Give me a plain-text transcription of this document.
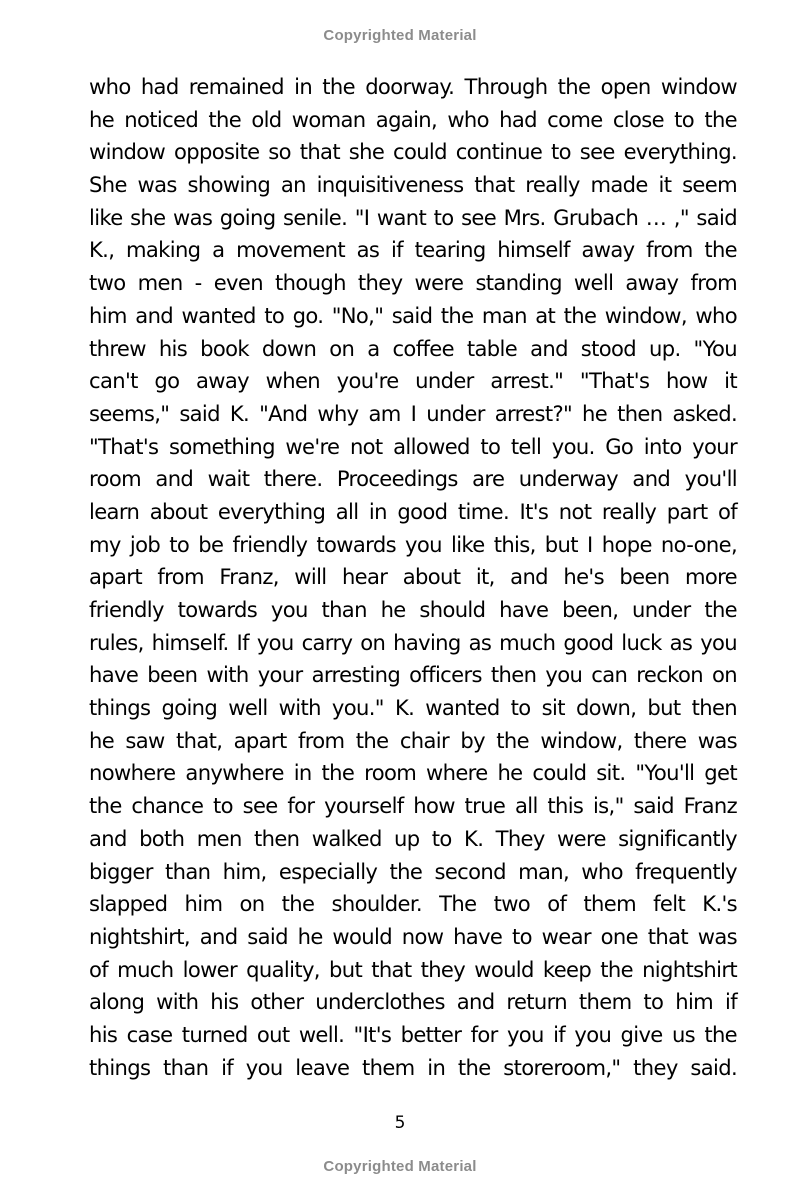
Copyrighted Material
who had remained in the doorway. Through the open window
he noticed the old woman again, who had come close to the
window opposite so that she could continue to see everything.
She was showing an inquisitiveness that really made it seem
like she was going senile. "I want to see Mrs. Grubach … ," said
K., making a movement as if tearing himself away from the
two men - even though they were standing well away from
him and wanted to go. "No," said the man at the window, who
threw his book down on a coffee table and stood up. "You
can't go away when you're under arrest." "That's how it
seems," said K. "And why am I under arrest?" he then asked.
"That's something we're not allowed to tell you. Go into your
room and wait there. Proceedings are underway and you'll
learn about everything all in good time. It's not really part of
my job to be friendly towards you like this, but I hope no-one,
apart from Franz, will hear about it, and he's been more
friendly towards you than he should have been, under the
rules, himself. If you carry on having as much good luck as you
have been with your arresting officers then you can reckon on
things going well with you." K. wanted to sit down, but then
he saw that, apart from the chair by the window, there was
nowhere anywhere in the room where he could sit. "You'll get
the chance to see for yourself how true all this is," said Franz
and both men then walked up to K. They were significantly
bigger than him, especially the second man, who frequently
slapped him on the shoulder. The two of them felt K.'s
nightshirt, and said he would now have to wear one that was
of much lower quality, but that they would keep the nightshirt
along with his other underclothes and return them to him if
his case turned out well. "It's better for you if you give us the
things than if you leave them in the storeroom," they said.
5
Copyrighted Material
